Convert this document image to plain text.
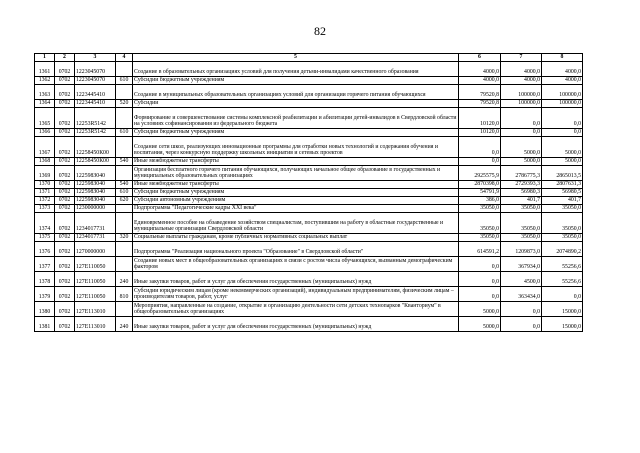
82
1	2	3	4	5	6	7	8
1361	0702	1223045070		Создание в образовательных организациях условий для получения детьми-инвалидами качественного образования	4000,0	4000,0	4000,0
1362	0702	1223045070	610	Субсидии бюджетным учреждениям	4000,0	4000,0	4000,0
1363	0702	1223445410		Создание в муниципальных образовательных организациях условий для организации горячего питания обучающихся	79520,8	100000,0	100000,0
1364	0702	1223445410	520	Субсидии	79520,8	100000,0	100000,0
1365	0702	12253R5142		Формирование и совершенствование системы комплексной реабилитации и абилитации детей-инвалидов в Свердловской области на условиях софинансирования из федерального бюджета	10120,0	0,0	0,0
1366	0702	12253R5142	610	Субсидии бюджетным учреждениям	10120,0	0,0	0,0
1367	0702	12258450К00		Создание сети школ, реализующих инновационные программы для отработки новых технологий и содержания обучения и воспитания, через конкурсную поддержку школьных инициатив и сетевых проектов	0,0	5000,0	5000,0
1368	0702	12258450К00	540	Иные межбюджетные трансферты	0,0	5000,0	5000,0
1369	0702	122598З040		Организация бесплатного горячего питания обучающихся, получающих начальное общее образование в государственных и муниципальных образовательных организациях	2925575,9	2786775,3	2865013,5
1370	0702	122598З040	540	Иные межбюджетные трансферты	2870398,0	2729393,3	2807631,3
1371	0702	122598З040	610	Субсидии бюджетным учреждениям	54791,9	56980,3	56980,5
1372	0702	122598З040	620	Субсидии автономным учреждениям	386,0	401,7	401,7
1373	0702	1230000000		Подпрограмма "Педагогические кадры XXI века"	35050,0	35050,0	35050,0
1374	0702	1234017731		Единовременное пособие на обзаведение хозяйством специалистам, поступившим на работу в областные государственные и муниципальные организации Свердловской области	35050,0	35050,0	35050,0
1375	0702	1234017731	320	Социальные выплаты гражданам, кроме публичных нормативных социальных выплат	35050,0	35050,0	35050,0
1376	0702	1270000000		Подпрограмма "Реализация национального проекта "Образование" в Свердловской области"	614591,2	1209873,0	2074890,2
1377	0702	127Е110050		Создание новых мест в общеобразовательных организациях в связи с ростом числа обучающихся, вызванным демографическим фактором	0,0	367934,0	55256,6
1378	0702	127Е110050	240	Иные закупки товаров, работ и услуг для обеспечения государственных (муниципальных) нужд	0,0	4500,0	55256,6
1379	0702	127Е110050	810	Субсидии юридическим лицам (кроме некоммерческих организаций), индивидуальным предпринимателям, физическим лицам – производителям товаров, работ, услуг	0,0	363434,0	0,0
1380	0702	127Е113010		Мероприятия, направленные на создание, открытие и организацию деятельности сети детских технопарков "Кванториум" в общеобразовательных организациях	5000,0	0,0	15000,0
1381	0702	127Е113010	240	Иные закупки товаров, работ и услуг для обеспечения государственных (муниципальных) нужд	5000,0	0,0	15000,0
